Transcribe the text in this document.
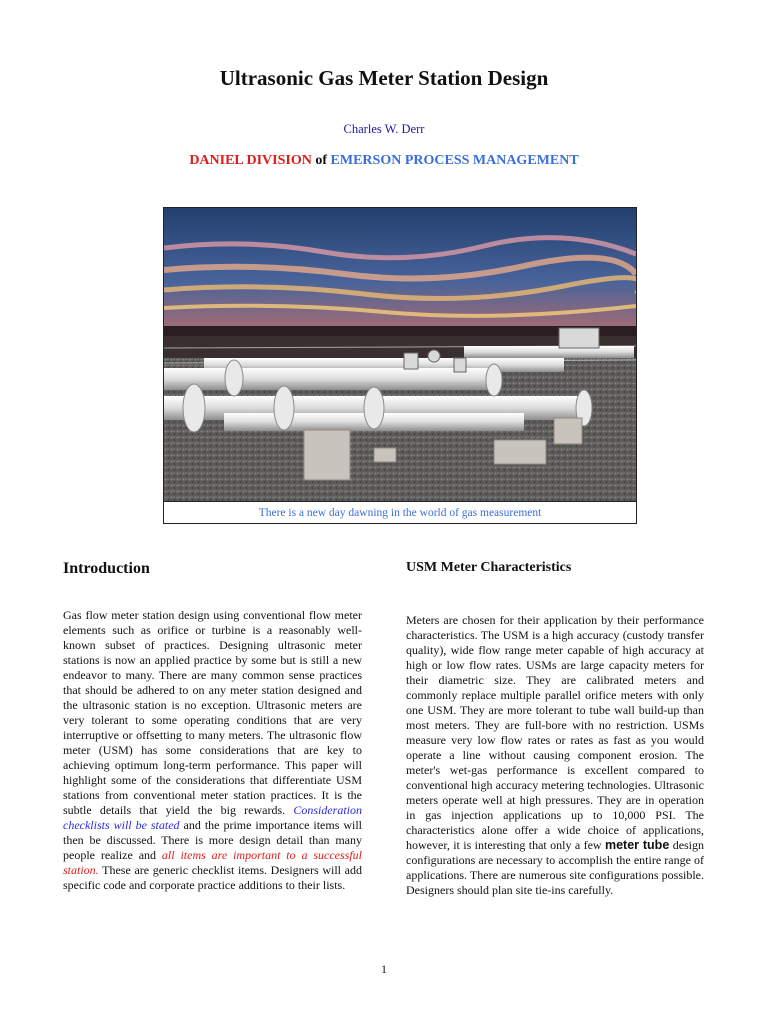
Ultrasonic Gas Meter Station Design
Charles W. Derr
DANIEL DIVISION of EMERSON PROCESS MANAGEMENT
There is a new day dawning in the world of gas measurement
Introduction	USM Meter Characteristics

Gas flow meter station design using conventional flow meter elements such as orifice or turbine is a reasonably well-known subset of practices. Designing ultrasonic meter stations is now an applied practice by some but is still a new endeavor to many. There are many common sense practices that should be adhered to on any meter station designed and the ultrasonic station is no exception. Ultrasonic meters are very tolerant to some operating conditions that are very interruptive or offsetting to many meters. The ultrasonic flow meter (USM) has some considerations that are key to achieving optimum long-term performance. This paper will highlight some of the considerations that differentiate USM stations from conventional meter station practices. It is the subtle details that yield the big rewards. Consideration checklists will be stated and the prime importance items will then be discussed. There is more design detail than many people realize and all items are important to a successful station. These are generic checklist items. Designers will add specific code and corporate practice additions to their lists.

Meters are chosen for their application by their performance characteristics. The USM is a high accuracy (custody transfer quality), wide flow range meter capable of high accuracy at high or low flow rates. USMs are large capacity meters for their diametric size. They are calibrated meters and commonly replace multiple parallel orifice meters with only one USM. They are more tolerant to tube wall build-up than most meters. They are full-bore with no restriction. USMs measure very low flow rates or rates as fast as you would operate a line without causing component erosion. The meter's wet-gas performance is excellent compared to conventional high accuracy metering technologies. Ultrasonic meters operate well at high pressures. They are in operation in gas injection applications up to 10,000 PSI. The characteristics alone offer a wide choice of applications, however, it is interesting that only a few meter tube design configurations are necessary to accomplish the entire range of applications. There are numerous site configurations possible. Designers should plan site tie-ins carefully.

1
